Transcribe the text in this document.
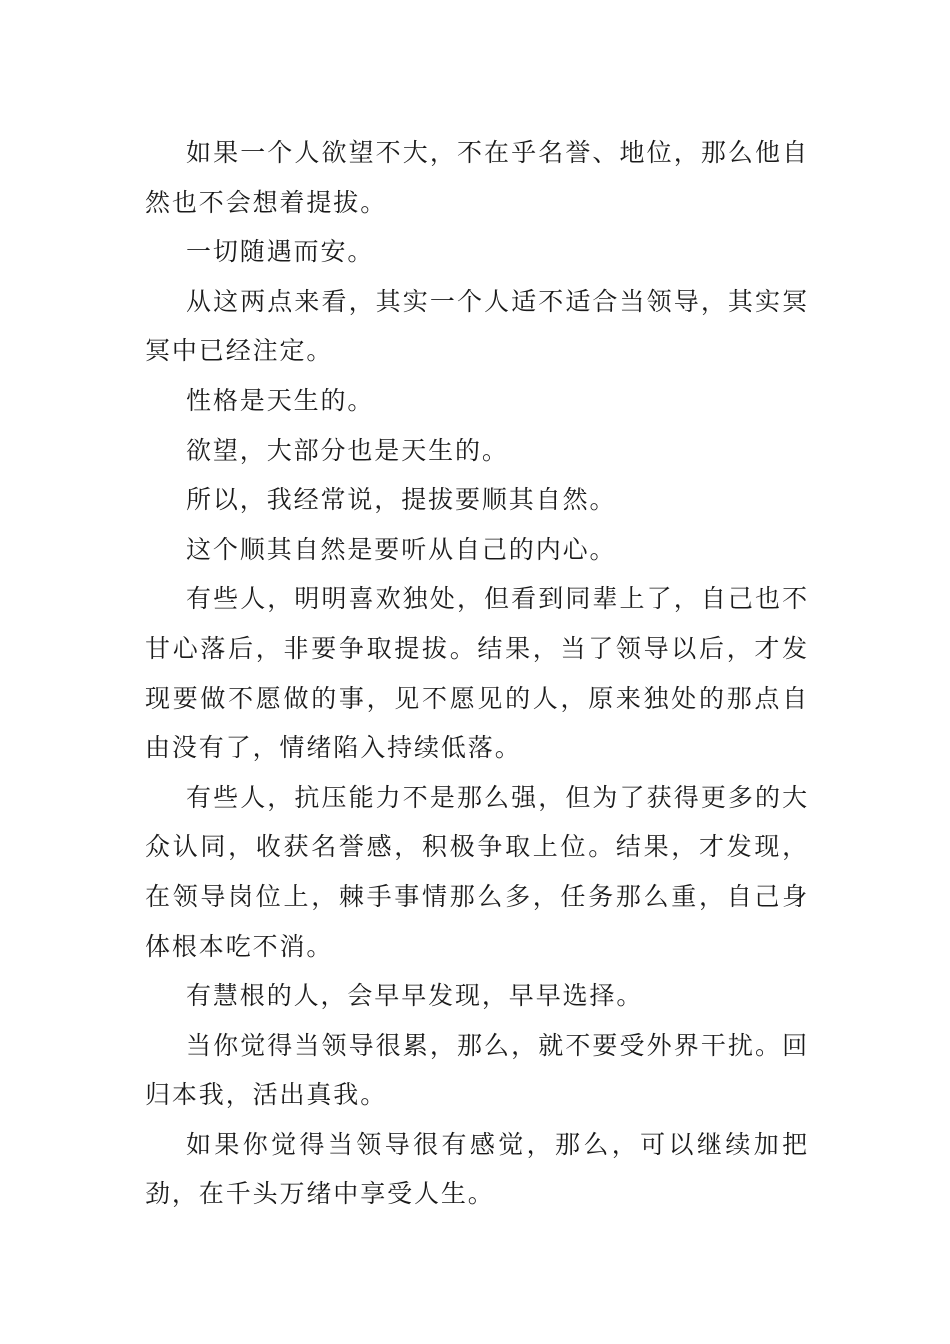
如果一个人欲望不大，不在乎名誉、地位，那么他自然也不会想着提拔。

一切随遇而安。

从这两点来看，其实一个人适不适合当领导，其实冥冥中已经注定。

性格是天生的。

欲望，大部分也是天生的。

所以，我经常说，提拔要顺其自然。

这个顺其自然是要听从自己的内心。

有些人，明明喜欢独处，但看到同辈上了，自己也不甘心落后，非要争取提拔。结果，当了领导以后，才发现要做不愿做的事，见不愿见的人，原来独处的那点自由没有了，情绪陷入持续低落。

有些人，抗压能力不是那么强，但为了获得更多的大众认同，收获名誉感，积极争取上位。结果，才发现，在领导岗位上，棘手事情那么多，任务那么重，自己身体根本吃不消。

有慧根的人，会早早发现，早早选择。

当你觉得当领导很累，那么，就不要受外界干扰。回归本我，活出真我。

如果你觉得当领导很有感觉，那么，可以继续加把劲，在千头万绪中享受人生。
